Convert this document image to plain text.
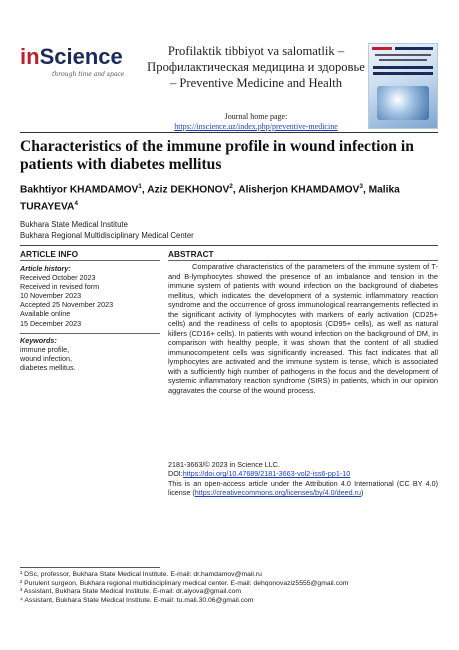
inScience
through time and space
Profilaktik tibbiyot va salomatlik – Профилактическая медицина и здоровье – Preventive Medicine and Health
Journal home page:
https://inscience.uz/index.php/preventive-medicine
Characteristics of the immune profile in wound infection in patients with diabetes mellitus
Bakhtiyor KHAMDAMOV$^1$, Aziz DEKHONOV$^2$, Alisherjon KHAMDAMOV$^3$, Malika TURAYEVA$^4$
Bukhara State Medical Institute
Bukhara Regional Multidisciplinary Medical Center
ARTICLE INFO
Article history:
Received October 2023
Received in revised form
10 November 2023
Accepted 25 November 2023
Available online
15 December 2023
Keywords:
immune profile,
wound infection,
diabetes mellitus.
ABSTRACT
Comparative characteristics of the parameters of the immune system of T- and B-lymphocytes showed the presence of an imbalance and tension in the immune system of patients with wound infection on the background of diabetes mellitus, which indicates the development of a systemic inflammatory reaction syndrome and the occurrence of gross immunological rearrangements reflected in the significant activity of lymphocytes with markers of early activation (CD25+ cells) and the readiness of cells to apoptosis (CD95+ cells), as well as natural killers (CD16+ cells). In patients with wound infection on the background of DM, in comparison with healthy people, it was shown that the content of all studied immunocompetent cells was significantly increased. This fact indicates that all lymphocytes are activated and the immune system is tense, which is associated with a sufficiently high number of pathogens in the focus and the development of systemic inflammatory reaction syndrome (SIRS) in patients, which in our opinion aggravates the course of the wound process.
2181-3663/© 2023 in Science LLC.
DOI:https://doi.org/10.47689/2181-3663-vol2-iss6-pp1-10
This is an open-access article under the Attribution 4.0 International (CC BY 4.0) license (https://creativecommons.org/licenses/by/4.0/deed.ru)
¹ DSc, professor, Bukhara State Medical Institute. E-mail: dr.hamdamov@mail.ru
² Purulent surgeon, Bukhara regional multidisciplinary medical center. E-mail: dehqonovaziz5555@gmail.com
³ Assistant, Bukhara State Medical Institute. E-mail: dr.alyova@gmail.com
⁴ Assistant, Bukhara State Medical Institute. E-mail: tu.mali.30.06@gmail.com
